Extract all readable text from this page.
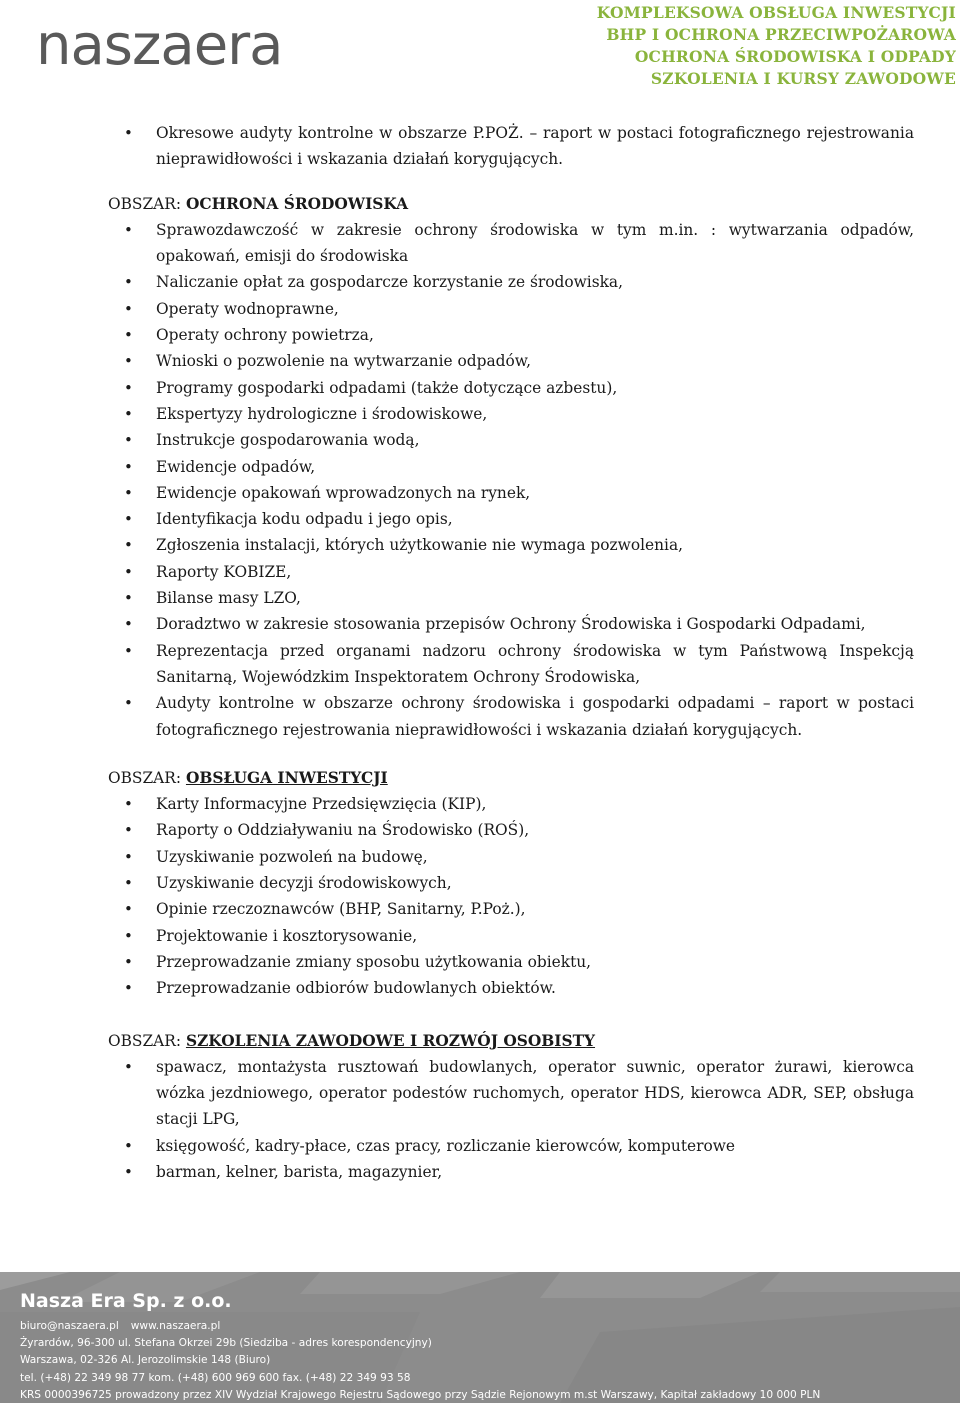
naszaera
KOMPLEKSOWA OBSŁUGA INWESTYCJI
BHP I OCHRONA PRZECIWPOŻAROWA
OCHRONA ŚRODOWISKA I ODPADY
SZKOLENIA I KURSY ZAWODOWE
• Okresowe audyty kontrolne w obszarze P.POŻ. – raport w postaci fotograficznego rejestrowania nieprawidłowości i wskazania działań korygujących.
OBSZAR: OCHRONA ŚRODOWISKA
• Sprawozdawczość w zakresie ochrony środowiska w tym m.in. : wytwarzania odpadów, opakowań, emisji do środowiska
• Naliczanie opłat za gospodarcze korzystanie ze środowiska,
• Operaty wodnoprawne,
• Operaty ochrony powietrza,
• Wnioski o pozwolenie na wytwarzanie odpadów,
• Programy gospodarki odpadami (także dotyczące azbestu),
• Ekspertyzy hydrologiczne i środowiskowe,
• Instrukcje gospodarowania wodą,
• Ewidencje odpadów,
• Ewidencje opakowań wprowadzonych na rynek,
• Identyfikacja kodu odpadu i jego opis,
• Zgłoszenia instalacji, których użytkowanie nie wymaga pozwolenia,
• Raporty KOBIZE,
• Bilanse masy LZO,
• Doradztwo w zakresie stosowania przepisów Ochrony Środowiska i Gospodarki Odpadami,
• Reprezentacja przed organami nadzoru ochrony środowiska w tym Państwową Inspekcją Sanitarną, Wojewódzkim Inspektoratem Ochrony Środowiska,
• Audyty kontrolne w obszarze ochrony środowiska i gospodarki odpadami – raport w postaci fotograficznego rejestrowania nieprawidłowości i wskazania działań korygujących.
OBSZAR: OBSŁUGA INWESTYCJI
• Karty Informacyjne Przedsięwzięcia (KIP),
• Raporty o Oddziaływaniu na Środowisko (ROŚ),
• Uzyskiwanie pozwoleń na budowę,
• Uzyskiwanie decyzji środowiskowych,
• Opinie rzeczoznawców (BHP, Sanitarny, P.Poż.),
• Projektowanie i kosztorysowanie,
• Przeprowadzanie zmiany sposobu użytkowania obiektu,
• Przeprowadzanie odbiorów budowlanych obiektów.
OBSZAR: SZKOLENIA ZAWODOWE I ROZWÓJ OSOBISTY
• spawacz, montażysta rusztowań budowlanych, operator suwnic, operator żurawi, kierowca wózka jezdniowego, operator podestów ruchomych, operator HDS, kierowca ADR, SEP, obsługa stacji LPG,
• księgowość, kadry-płace, czas pracy, rozliczanie kierowców, komputerowe
• barman, kelner, barista, magazynier,
Nasza Era Sp. z o.o.
biuro@naszaera.pl www.naszaera.pl
Żyrardów, 96-300 ul. Stefana Okrzei 29b (Siedziba - adres korespondencyjny)
Warszawa, 02-326 Al. Jerozolimskie 148 (Biuro)
tel. (+48) 22 349 98 77 kom. (+48) 600 969 600 fax. (+48) 22 349 93 58
KRS 0000396725 prowadzony przez XIV Wydział Krajowego Rejestru Sądowego przy Sądzie Rejonowym m.st Warszawy, Kapitał zakładowy 10 000 PLN
